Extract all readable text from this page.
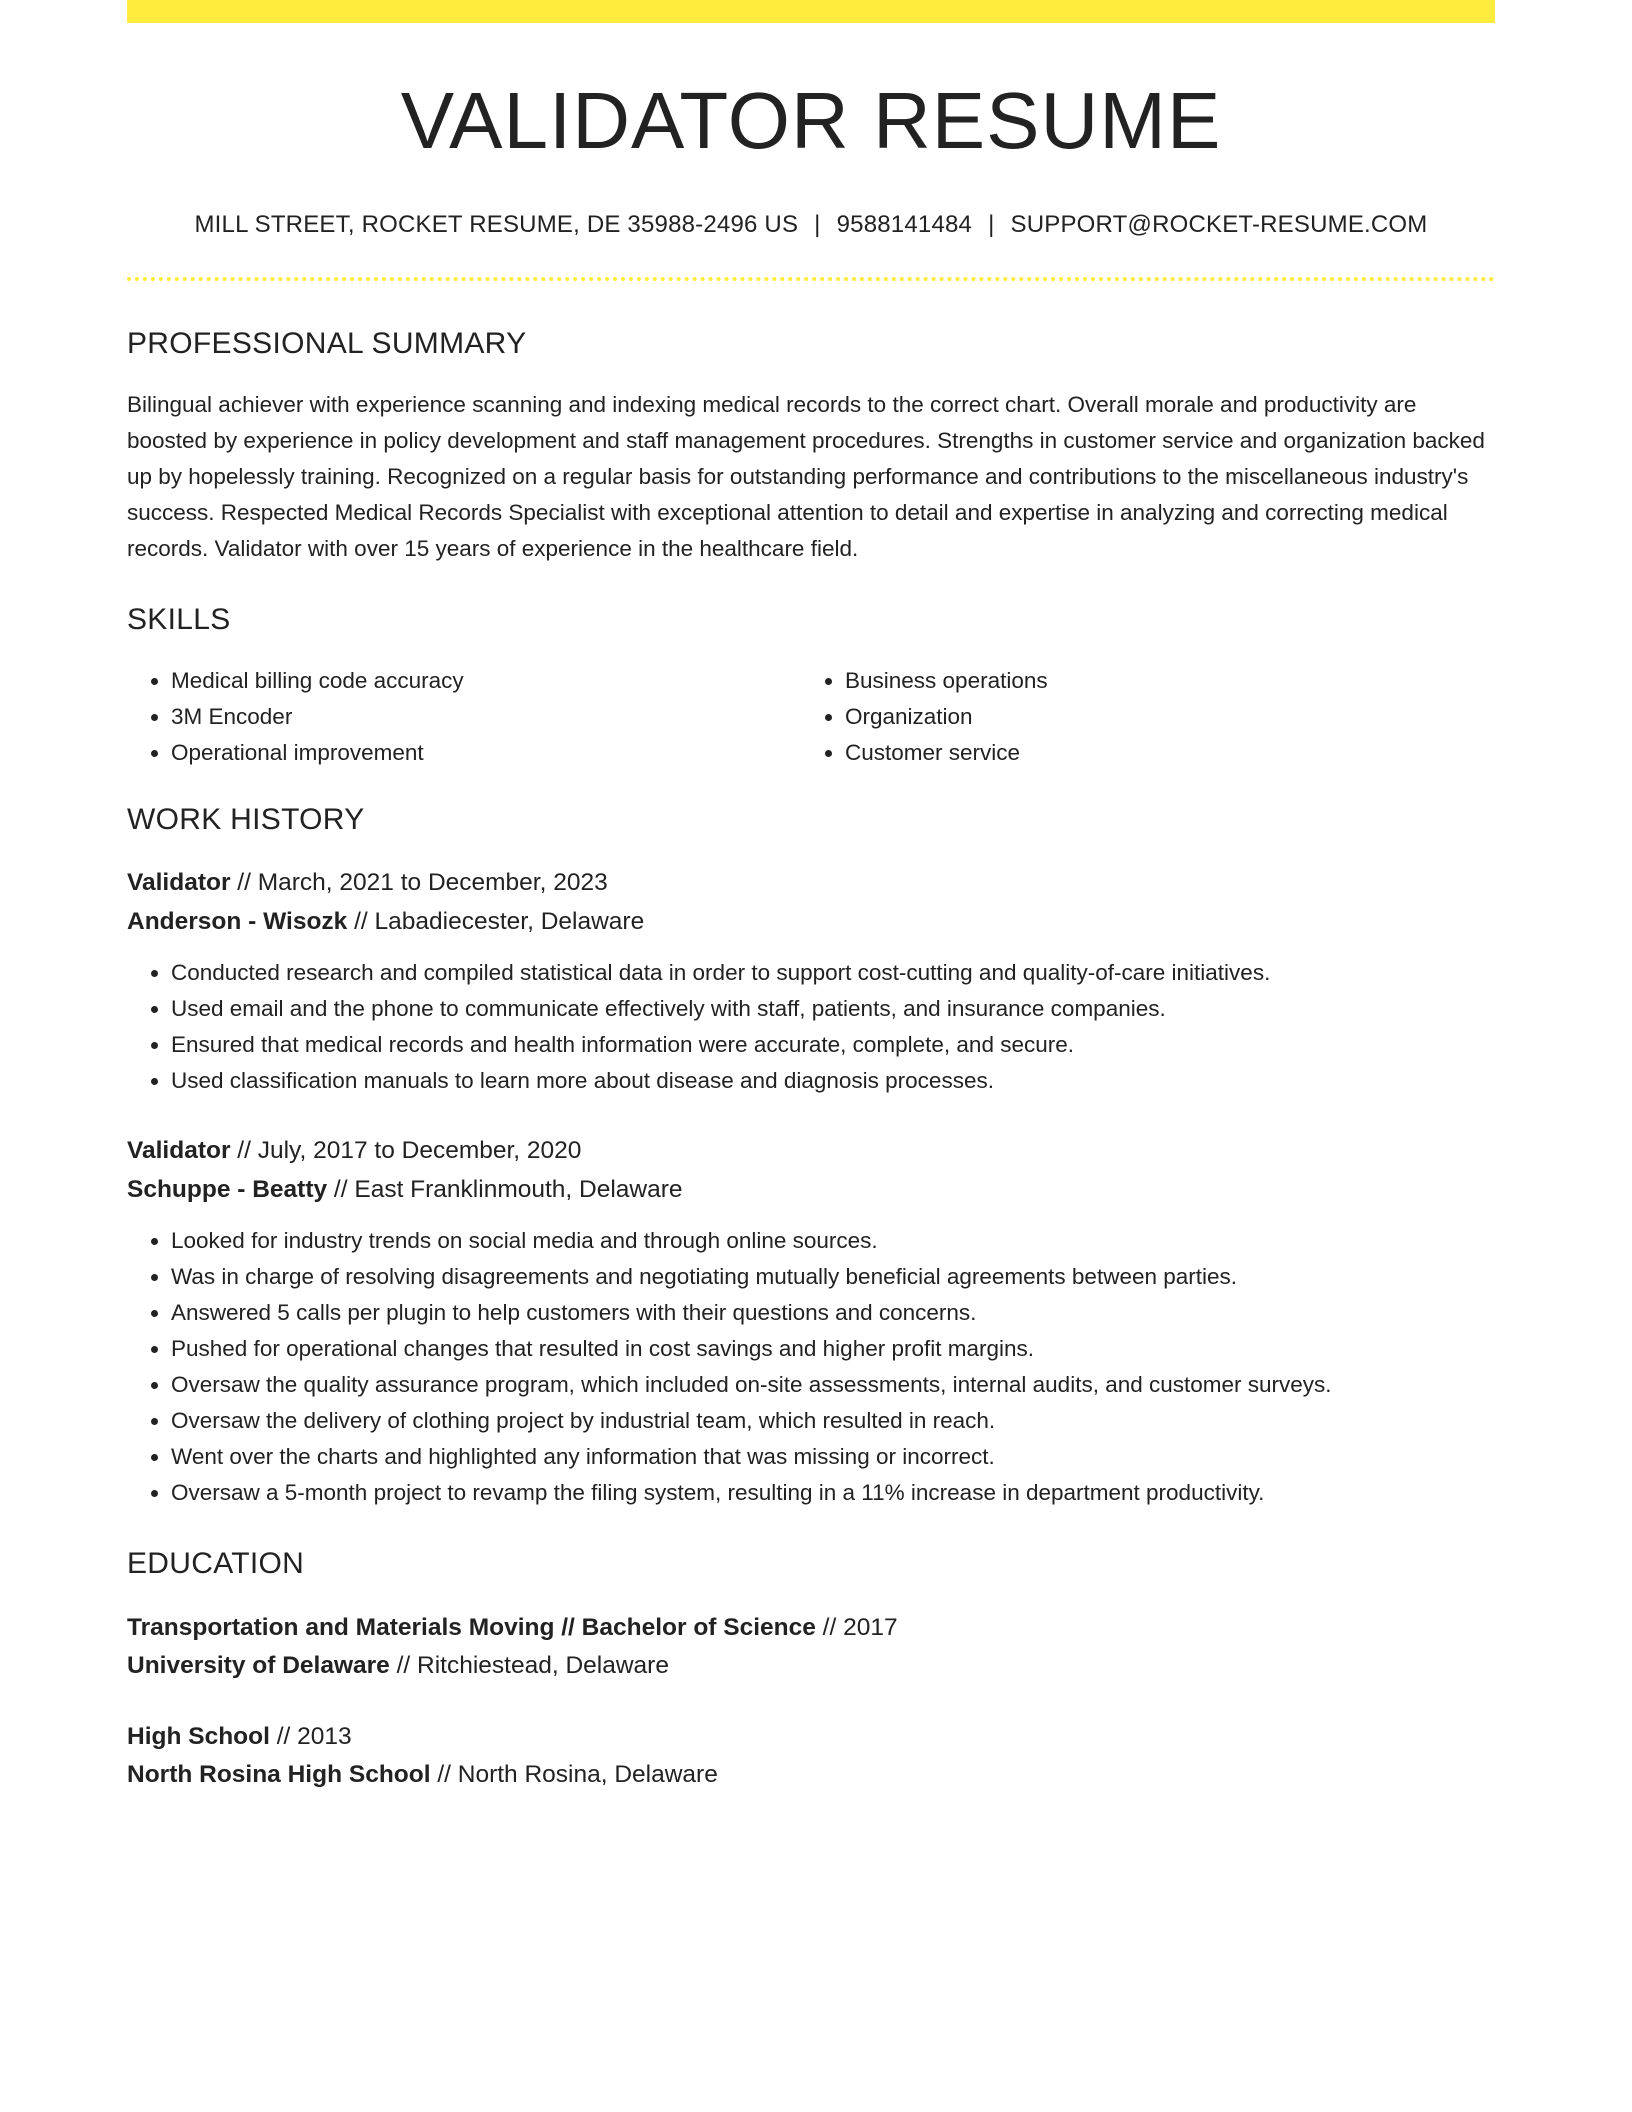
VALIDATOR RESUME
MILL STREET, ROCKET RESUME, DE 35988-2496 US | 9588141484 | SUPPORT@ROCKET-RESUME.COM
PROFESSIONAL SUMMARY
Bilingual achiever with experience scanning and indexing medical records to the correct chart. Overall morale and productivity are boosted by experience in policy development and staff management procedures. Strengths in customer service and organization backed up by hopelessly training. Recognized on a regular basis for outstanding performance and contributions to the miscellaneous industry's success. Respected Medical Records Specialist with exceptional attention to detail and expertise in analyzing and correcting medical records. Validator with over 15 years of experience in the healthcare field.
SKILLS
• Medical billing code accuracy
• 3M Encoder
• Operational improvement
• Business operations
• Organization
• Customer service
WORK HISTORY
Validator // March, 2021 to December, 2023
Anderson - Wisozk // Labadiecester, Delaware
• Conducted research and compiled statistical data in order to support cost-cutting and quality-of-care initiatives.
• Used email and the phone to communicate effectively with staff, patients, and insurance companies.
• Ensured that medical records and health information were accurate, complete, and secure.
• Used classification manuals to learn more about disease and diagnosis processes.
Validator // July, 2017 to December, 2020
Schuppe - Beatty // East Franklinmouth, Delaware
• Looked for industry trends on social media and through online sources.
• Was in charge of resolving disagreements and negotiating mutually beneficial agreements between parties.
• Answered 5 calls per plugin to help customers with their questions and concerns.
• Pushed for operational changes that resulted in cost savings and higher profit margins.
• Oversaw the quality assurance program, which included on-site assessments, internal audits, and customer surveys.
• Oversaw the delivery of clothing project by industrial team, which resulted in reach.
• Went over the charts and highlighted any information that was missing or incorrect.
• Oversaw a 5-month project to revamp the filing system, resulting in a 11% increase in department productivity.
EDUCATION
Transportation and Materials Moving // Bachelor of Science // 2017
University of Delaware // Ritchiestead, Delaware
High School // 2013
North Rosina High School // North Rosina, Delaware
